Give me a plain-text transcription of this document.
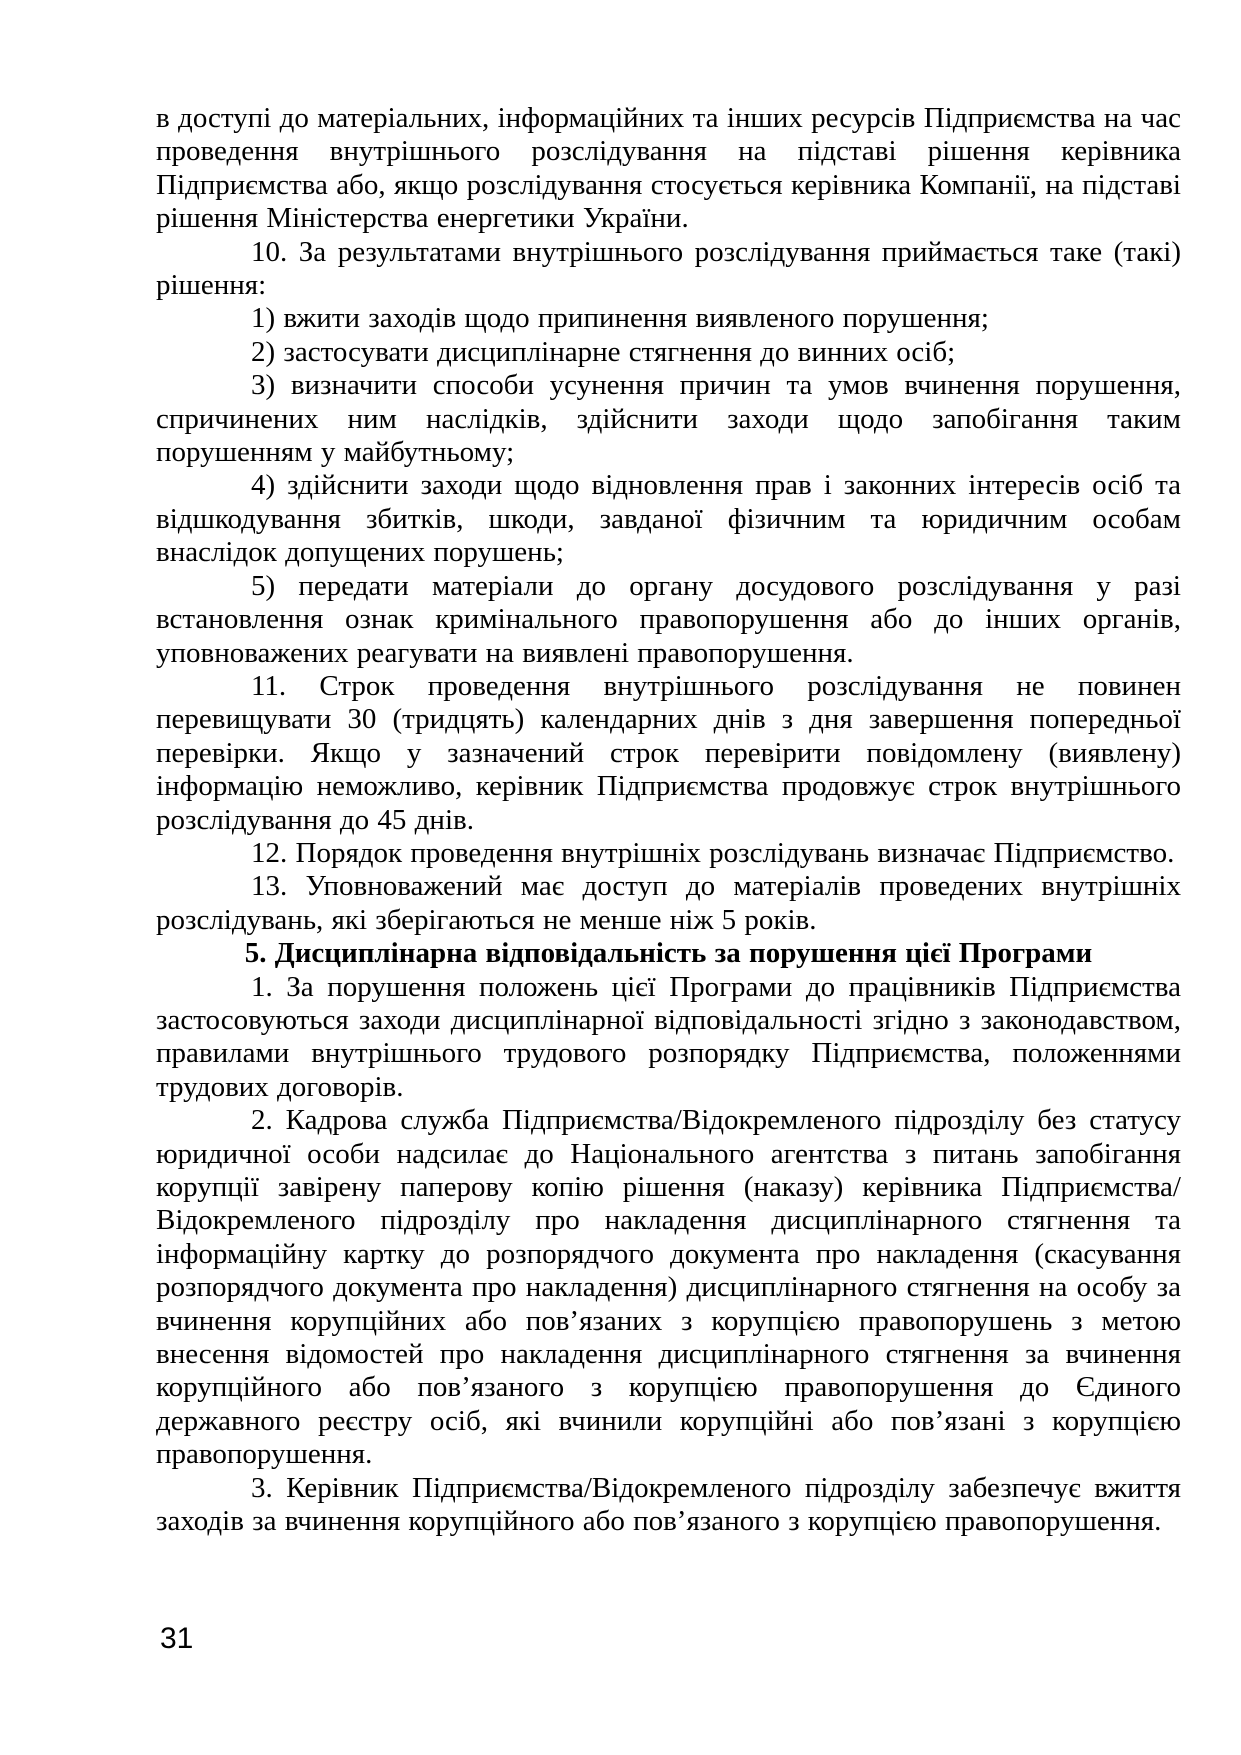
в доступі до матеріальних, інформаційних та інших ресурсів Підприємства на час проведення внутрішнього розслідування на підставі рішення керівника Підприємства або, якщо розслідування стосується керівника Компанії, на підставі рішення Міністерства енергетики України.

10. За результатами внутрішнього розслідування приймається таке (такі) рішення:

1) вжити заходів щодо припинення виявленого порушення;

2) застосувати дисциплінарне стягнення до винних осіб;

3) визначити способи усунення причин та умов вчинення порушення, спричинених ним наслідків, здійснити заходи щодо запобігання таким порушенням у майбутньому;

4) здійснити заходи щодо відновлення прав і законних інтересів осіб та відшкодування збитків, шкоди, завданої фізичним та юридичним особам внаслідок допущених порушень;

5) передати матеріали до органу досудового розслідування у разі встановлення ознак кримінального правопорушення або до інших органів, уповноважених реагувати на виявлені правопорушення.

11. Строк проведення внутрішнього розслідування не повинен перевищувати 30 (тридцять) календарних днів з дня завершення попередньої перевірки. Якщо у зазначений строк перевірити повідомлену (виявлену) інформацію неможливо, керівник Підприємства продовжує строк внутрішнього розслідування до 45 днів.

12. Порядок проведення внутрішніх розслідувань визначає Підприємство.

13. Уповноважений має доступ до матеріалів проведених внутрішніх розслідувань, які зберігаються не менше ніж 5 років.

5. Дисциплінарна відповідальність за порушення цієї Програми

1. За порушення положень цієї Програми до працівників Підприємства застосовуються заходи дисциплінарної відповідальності згідно з законодавством, правилами внутрішнього трудового розпорядку Підприємства, положеннями трудових договорів.

2. Кадрова служба Підприємства/Відокремленого підрозділу без статусу юридичної особи надсилає до Національного агентства з питань запобігання корупції завірену паперову копію рішення (наказу) керівника Підприємства/Відокремленого підрозділу про накладення дисциплінарного стягнення та інформаційну картку до розпорядчого документа про накладення (скасування розпорядчого документа про накладення) дисциплінарного стягнення на особу за вчинення корупційних або пов’язаних з корупцією правопорушень з метою внесення відомостей про накладення дисциплінарного стягнення за вчинення корупційного або пов’язаного з корупцією правопорушення до Єдиного державного реєстру осіб, які вчинили корупційні або пов’язані з корупцією правопорушення.

3. Керівник Підприємства/Відокремленого підрозділу забезпечує вжиття заходів за вчинення корупційного або пов’язаного з корупцією правопорушення.

31
